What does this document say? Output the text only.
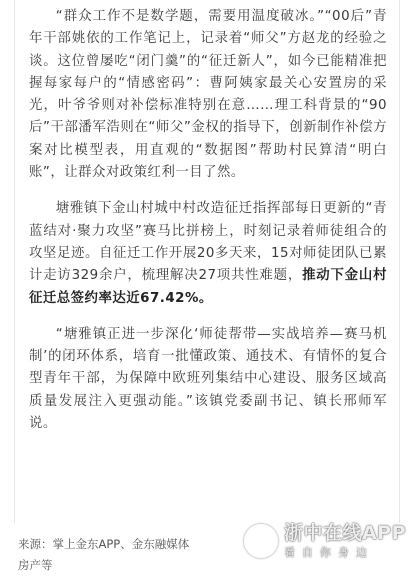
“群众工作不是数学题，需要用温度破冰。”“00后”青年干部姚依的工作笔记上，记录着“师父”方赵龙的经验之谈。这位曾屡吃“闭门羹”的“征迁新人”，如今已能精准把握每家每户的“情感密码”：曹阿姨家最关心安置房的采光，叶爷爷则对补偿标准特别在意……理工科背景的“90后”干部潘军浩则在“师父”金权的指导下，创新制作补偿方案对比模型表，用直观的“数据图”帮助村民算清“明白账”，让群众对政策红利一目了然。

塘雅镇下金山村城中村改造征迁指挥部每日更新的“青蓝结对·聚力攻坚”赛马比拼榜上，时刻记录着师徒组合的攻坚足迹。自征迁工作开展20多天来，15对师徒团队已累计走访329余户，梳理解决27项共性难题，推动下金山村征迁总签约率达近67.42%。

“塘雅镇正进一步深化‘师徒帮带—实战培养—赛马机制’的闭环体系，培育一批懂政策、通技术、有情怀的复合型青年干部，为保障中欧班列集结中心建设、服务区域高质量发展注入更强动能。”该镇党委副书记、镇长邢师军说。

来源：掌上金东APP、金东融媒体
房产等
浙中在线APP
看自你身边
